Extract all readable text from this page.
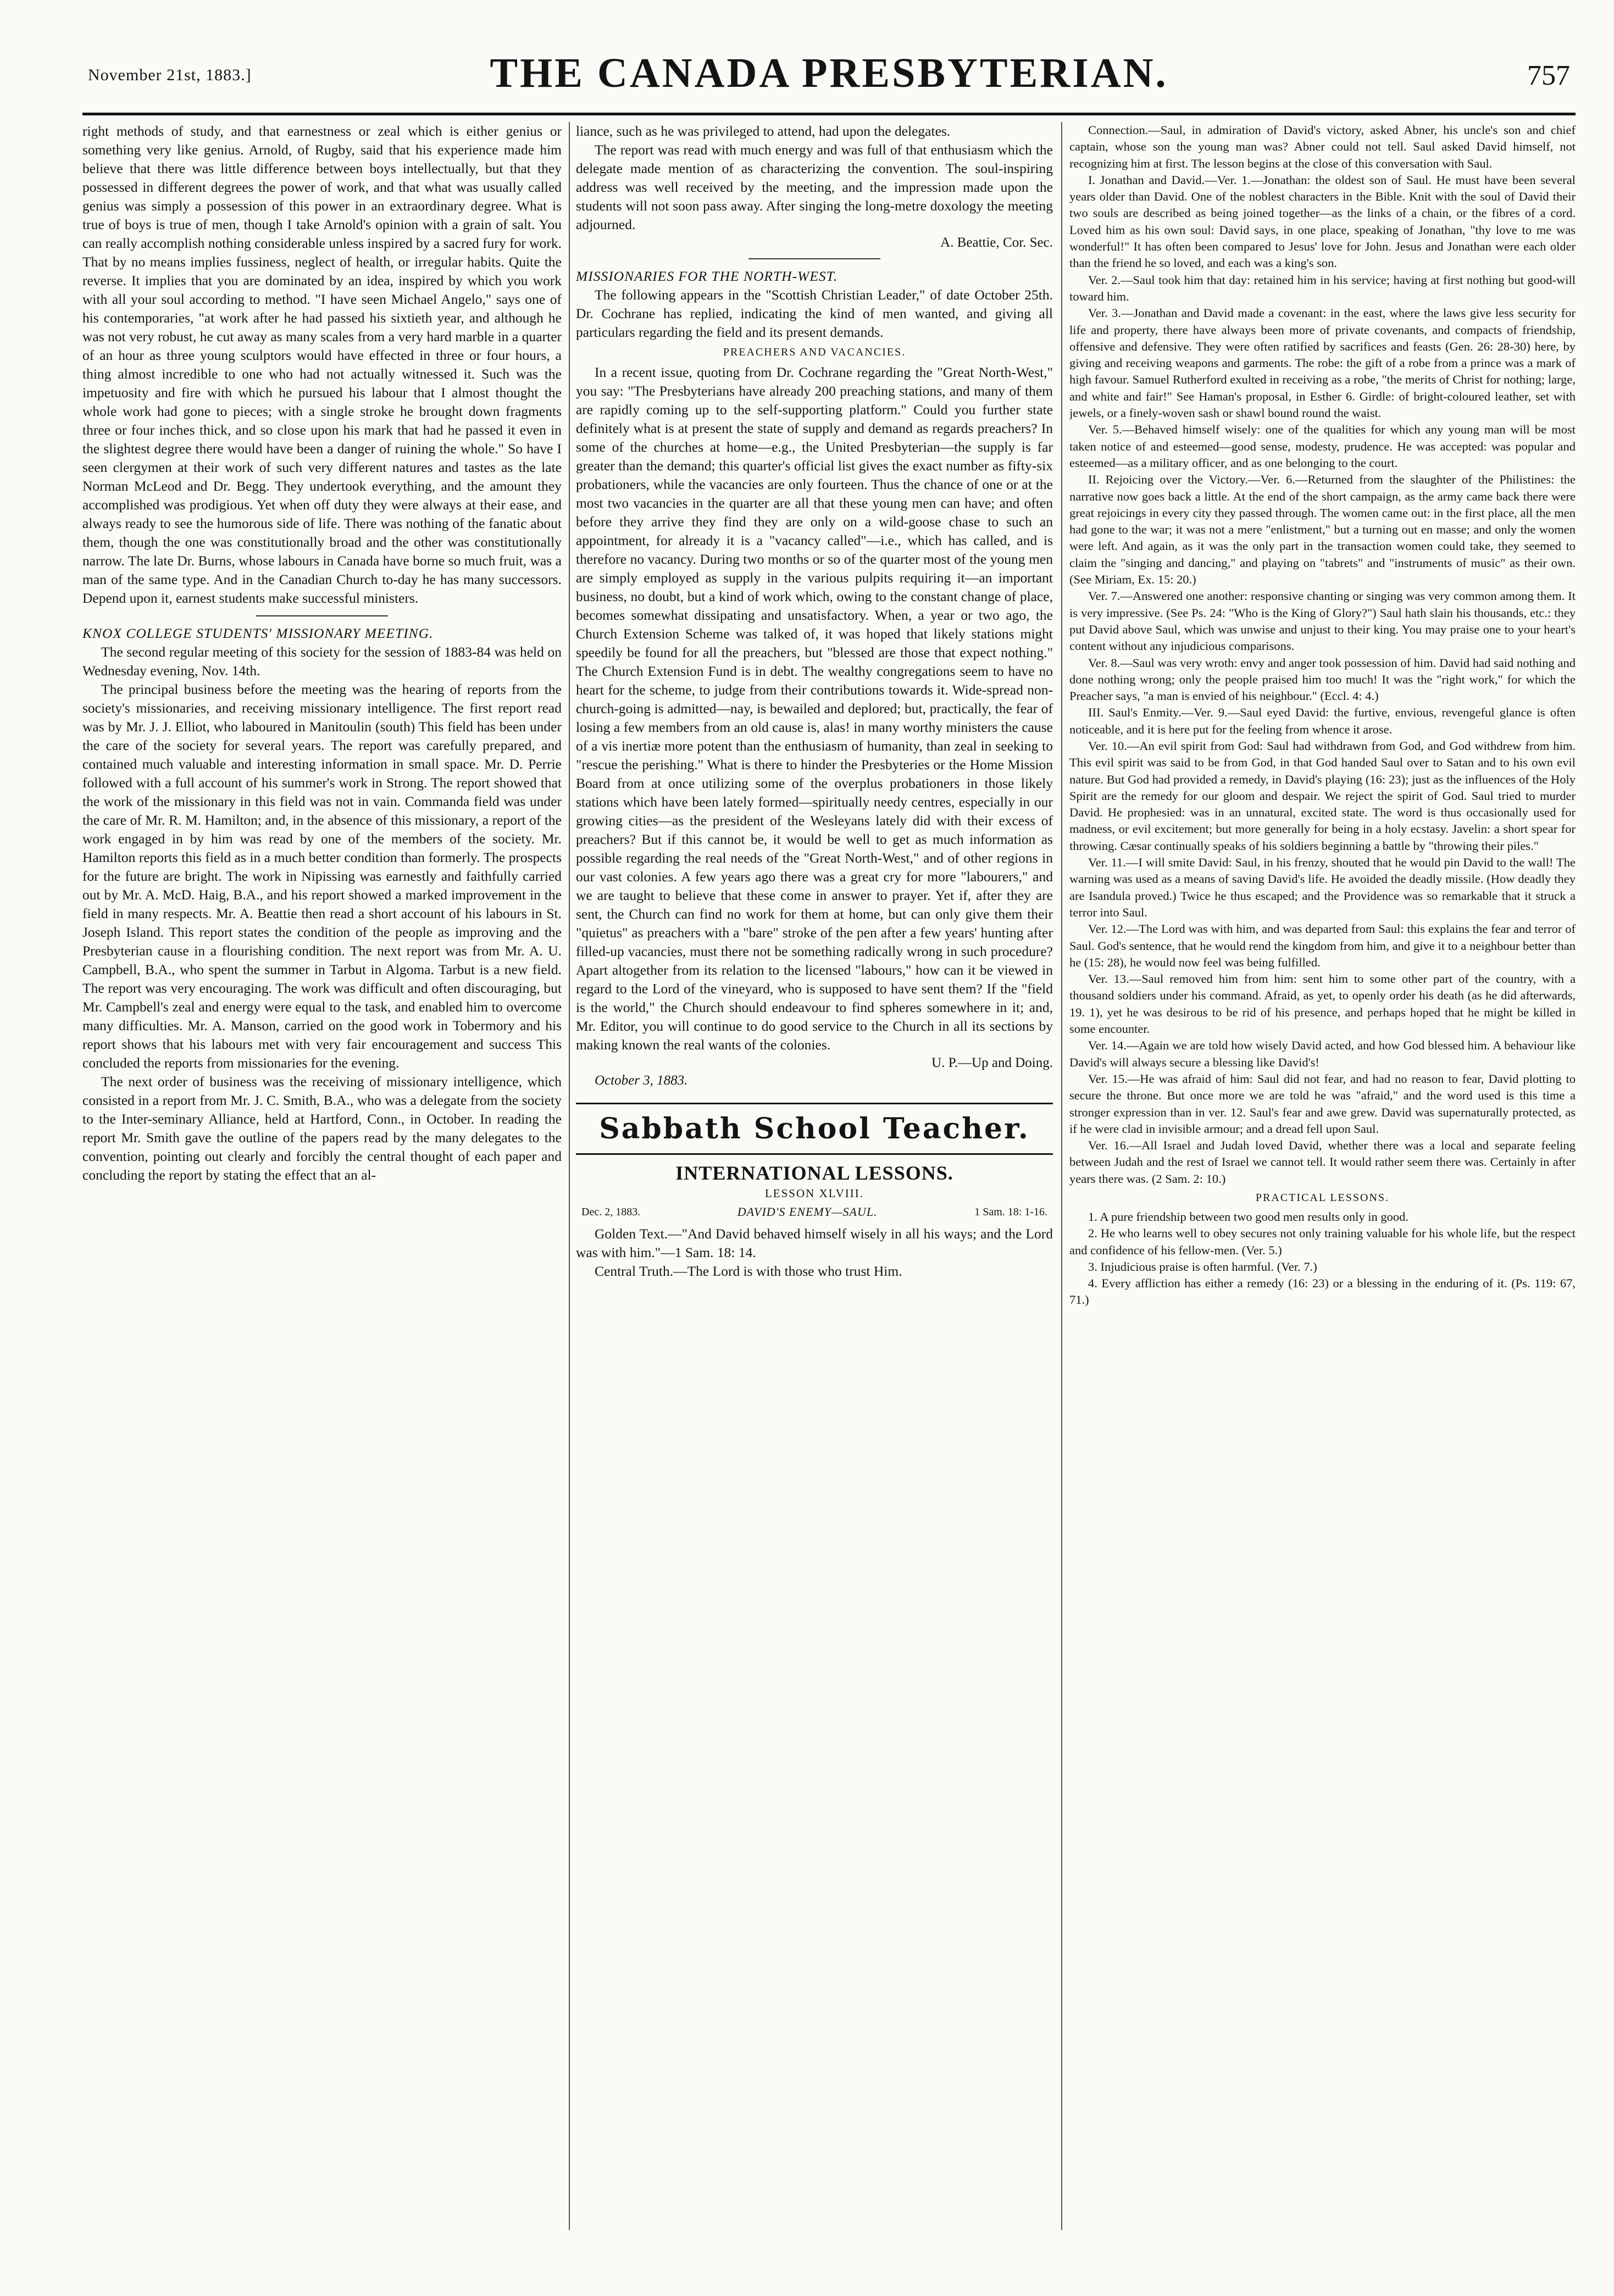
November 21st, 1883.]	THE CANADA PRESBYTERIAN.	757

right methods of study, and that earnestness or zeal which is either genius or something very like genius. Arnold, of Rugby, said that his experience made him believe that there was little difference between boys intellectually, but that they possessed in different degrees the power of work, and that what was usually called genius was simply a possession of this power in an extraordinary degree. What is true of boys is true of men, though I take Arnold's opinion with a grain of salt. You can really accomplish nothing considerable unless inspired by a sacred fury for work. That by no means implies fussiness, neglect of health, or irregular habits. Quite the reverse. It implies that you are dominated by an idea, inspired by which you work with all your soul according to method. "I have seen Michael Angelo," says one of his contemporaries, "at work after he had passed his sixtieth year, and although he was not very robust, he cut away as many scales from a very hard marble in a quarter of an hour as three young sculptors would have effected in three or four hours, a thing almost incredible to one who had not actually witnessed it. Such was the impetuosity and fire with which he pursued his labour that I almost thought the whole work had gone to pieces; with a single stroke he brought down fragments three or four inches thick, and so close upon his mark that had he passed it even in the slightest degree there would have been a danger of ruining the whole." So have I seen clergymen at their work of such very different natures and tastes as the late Norman McLeod and Dr. Begg. They undertook everything, and the amount they accomplished was prodigious. Yet when off duty they were always at their ease, and always ready to see the humorous side of life. There was nothing of the fanatic about them, though the one was constitutionally broad and the other was constitutionally narrow. The late Dr. Burns, whose labours in Canada have borne so much fruit, was a man of the same type. And in the Canadian Church to-day he has many successors. Depend upon it, earnest students make successful ministers.

KNOX COLLEGE STUDENTS' MISSIONARY MEETING.

The second regular meeting of this society for the session of 1883-84 was held on Wednesday evening, Nov. 14th.

The principal business before the meeting was the hearing of reports from the society's missionaries, and receiving missionary intelligence. The first report read was by Mr. J. J. Elliot, who laboured in Manitoulin (south) This field has been under the care of the society for several years. The report was carefully prepared, and contained much valuable and interesting information in small space. Mr. D. Perrie followed with a full account of his summer's work in Strong. The report showed that the work of the missionary in this field was not in vain. Commanda field was under the care of Mr. R. M. Hamilton; and, in the absence of this missionary, a report of the work engaged in by him was read by one of the members of the society. Mr. Hamilton reports this field as in a much better condition than formerly. The prospects for the future are bright. The work in Nipissing was earnestly and faithfully carried out by Mr. A. McD. Haig, B.A., and his report showed a marked improvement in the field in many respects. Mr. A. Beattie then read a short account of his labours in St. Joseph Island. This report states the condition of the people as improving and the Presbyterian cause in a flourishing condition. The next report was from Mr. A. U. Campbell, B.A., who spent the summer in Tarbut in Algoma. Tarbut is a new field. The report was very encouraging. The work was difficult and often discouraging, but Mr. Campbell's zeal and energy were equal to the task, and enabled him to overcome many difficulties. Mr. A. Manson, carried on the good work in Tobermory and his report shows that his labours met with very fair encouragement and success This concluded the reports from missionaries for the evening.

The next order of business was the receiving of missionary intelligence, which consisted in a report from Mr. J. C. Smith, B.A., who was a delegate from the society to the Inter-seminary Alliance, held at Hartford, Conn., in October. In reading the report Mr. Smith gave the outline of the papers read by the many delegates to the convention, pointing out clearly and forcibly the central thought of each paper and concluding the report by stating the effect that an al-

liance, such as he was privileged to attend, had upon the delegates.

The report was read with much energy and was full of that enthusiasm which the delegate made mention of as characterizing the convention. The soul-inspiring address was well received by the meeting, and the impression made upon the students will not soon pass away. After singing the long-metre doxology the meeting adjourned.

A. Beattie, Cor. Sec.

MISSIONARIES FOR THE NORTH-WEST.

The following appears in the "Scottish Christian Leader," of date October 25th. Dr. Cochrane has replied, indicating the kind of men wanted, and giving all particulars regarding the field and its present demands.

PREACHERS AND VACANCIES.

In a recent issue, quoting from Dr. Cochrane regarding the "Great North-West," you say: "The Presbyterians have already 200 preaching stations, and many of them are rapidly coming up to the self-supporting platform." Could you further state definitely what is at present the state of supply and demand as regards preachers? In some of the churches at home—e.g., the United Presbyterian—the supply is far greater than the demand; this quarter's official list gives the exact number as fifty-six probationers, while the vacancies are only fourteen. Thus the chance of one or at the most two vacancies in the quarter are all that these young men can have; and often before they arrive they find they are only on a wild-goose chase to such an appointment, for already it is a "vacancy called"—i.e., which has called, and is therefore no vacancy. During two months or so of the quarter most of the young men are simply employed as supply in the various pulpits requiring it—an important business, no doubt, but a kind of work which, owing to the constant change of place, becomes somewhat dissipating and unsatisfactory. When, a year or two ago, the Church Extension Scheme was talked of, it was hoped that likely stations might speedily be found for all the preachers, but "blessed are those that expect nothing." The Church Extension Fund is in debt. The wealthy congregations seem to have no heart for the scheme, to judge from their contributions towards it. Wide-spread non-church-going is admitted—nay, is bewailed and deplored; but, practically, the fear of losing a few members from an old cause is, alas! in many worthy ministers the cause of a vis inertiæ more potent than the enthusiasm of humanity, than zeal in seeking to "rescue the perishing." What is there to hinder the Presbyteries or the Home Mission Board from at once utilizing some of the overplus probationers in those likely stations which have been lately formed—spiritually needy centres, especially in our growing cities—as the president of the Wesleyans lately did with their excess of preachers? But if this cannot be, it would be well to get as much information as possible regarding the real needs of the "Great North-West," and of other regions in our vast colonies. A few years ago there was a great cry for more "labourers," and we are taught to believe that these come in answer to prayer. Yet if, after they are sent, the Church can find no work for them at home, but can only give them their "quietus" as preachers with a "bare" stroke of the pen after a few years' hunting after filled-up vacancies, must there not be something radically wrong in such procedure? Apart altogether from its relation to the licensed "labours," how can it be viewed in regard to the Lord of the vineyard, who is supposed to have sent them? If the "field is the world," the Church should endeavour to find spheres somewhere in it; and, Mr. Editor, you will continue to do good service to the Church in all its sections by making known the real wants of the colonies.

U. P.—Up and Doing.
October 3, 1883.
Sabbath School Teacher.
INTERNATIONAL LESSONS.
LESSON XLVIII.
Dec. 2, 1883.	DAVID'S ENEMY—SAUL.	1 Sam. 18: 1-16.

Golden Text.—"And David behaved himself wisely in all his ways; and the Lord was with him."—1 Sam. 18: 14.

Central Truth.—The Lord is with those who trust Him.

Connection.—Saul, in admiration of David's victory, asked Abner, his uncle's son and chief captain, whose son the young man was? Abner could not tell. Saul asked David himself, not recognizing him at first. The lesson begins at the close of this conversation with Saul.

I. Jonathan and David.—Ver. 1.—Jonathan: the oldest son of Saul. He must have been several years older than David. One of the noblest characters in the Bible. Knit with the soul of David their two souls are described as being joined together—as the links of a chain, or the fibres of a cord. Loved him as his own soul: David says, in one place, speaking of Jonathan, "thy love to me was wonderful!" It has often been compared to Jesus' love for John. Jesus and Jonathan were each older than the friend he so loved, and each was a king's son.

Ver. 2.—Saul took him that day: retained him in his service; having at first nothing but good-will toward him.

Ver. 3.—Jonathan and David made a covenant: in the east, where the laws give less security for life and property, there have always been more of private covenants, and compacts of friendship, offensive and defensive. They were often ratified by sacrifices and feasts (Gen. 26: 28-30) here, by giving and receiving weapons and garments. The robe: the gift of a robe from a prince was a mark of high favour. Samuel Rutherford exulted in receiving as a robe, "the merits of Christ for nothing; large, and white and fair!" See Haman's proposal, in Esther 6. Girdle: of bright-coloured leather, set with jewels, or a finely-woven sash or shawl bound round the waist.

Ver. 5.—Behaved himself wisely: one of the qualities for which any young man will be most taken notice of and esteemed—good sense, modesty, prudence. He was accepted: was popular and esteemed—as a military officer, and as one belonging to the court.

II. Rejoicing over the Victory.—Ver. 6.—Returned from the slaughter of the Philistines: the narrative now goes back a little. At the end of the short campaign, as the army came back there were great rejoicings in every city they passed through. The women came out: in the first place, all the men had gone to the war; it was not a mere "enlistment," but a turning out en masse; and only the women were left. And again, as it was the only part in the transaction women could take, they seemed to claim the "singing and dancing," and playing on "tabrets" and "instruments of music" as their own. (See Miriam, Ex. 15: 20.)

Ver. 7.—Answered one another: responsive chanting or singing was very common among them. It is very impressive. (See Ps. 24: "Who is the King of Glory?") Saul hath slain his thousands, etc.: they put David above Saul, which was unwise and unjust to their king. You may praise one to your heart's content without any injudicious comparisons.

Ver. 8.—Saul was very wroth: envy and anger took possession of him. David had said nothing and done nothing wrong; only the people praised him too much! It was the "right work," for which the Preacher says, "a man is envied of his neighbour." (Eccl. 4: 4.)

III. Saul's Enmity.—Ver. 9.—Saul eyed David: the furtive, envious, revengeful glance is often noticeable, and it is here put for the feeling from whence it arose.

Ver. 10.—An evil spirit from God: Saul had withdrawn from God, and God withdrew from him. This evil spirit was said to be from God, in that God handed Saul over to Satan and to his own evil nature. But God had provided a remedy, in David's playing (16: 23); just as the influences of the Holy Spirit are the remedy for our gloom and despair. We reject the spirit of God. Saul tried to murder David. He prophesied: was in an unnatural, excited state. The word is thus occasionally used for madness, or evil excitement; but more generally for being in a holy ecstasy. Javelin: a short spear for throwing. Cæsar continually speaks of his soldiers beginning a battle by "throwing their piles."

Ver. 11.—I will smite David: Saul, in his frenzy, shouted that he would pin David to the wall! The warning was used as a means of saving David's life. He avoided the deadly missile. (How deadly they are Isandula proved.) Twice he thus escaped; and the Providence was so remarkable that it struck a terror into Saul.

Ver. 12.—The Lord was with him, and was departed from Saul: this explains the fear and terror of Saul. God's sentence, that he would rend the kingdom from him, and give it to a neighbour better than he (15: 28), he would now feel was being fulfilled.

Ver. 13.—Saul removed him from him: sent him to some other part of the country, with a thousand soldiers under his command. Afraid, as yet, to openly order his death (as he did afterwards, 19. 1), yet he was desirous to be rid of his presence, and perhaps hoped that he might be killed in some encounter.

Ver. 14.—Again we are told how wisely David acted, and how God blessed him. A behaviour like David's will always secure a blessing like David's!

Ver. 15.—He was afraid of him: Saul did not fear, and had no reason to fear, David plotting to secure the throne. But once more we are told he was "afraid," and the word used is this time a stronger expression than in ver. 12. Saul's fear and awe grew. David was supernaturally protected, as if he were clad in invisible armour; and a dread fell upon Saul.

Ver. 16.—All Israel and Judah loved David, whether there was a local and separate feeling between Judah and the rest of Israel we cannot tell. It would rather seem there was. Certainly in after years there was. (2 Sam. 2: 10.)

PRACTICAL LESSONS.

1. A pure friendship between two good men results only in good.

2. He who learns well to obey secures not only training valuable for his whole life, but the respect and confidence of his fellow-men. (Ver. 5.)

3. Injudicious praise is often harmful. (Ver. 7.)

4. Every affliction has either a remedy (16: 23) or a blessing in the enduring of it. (Ps. 119: 67, 71.)
